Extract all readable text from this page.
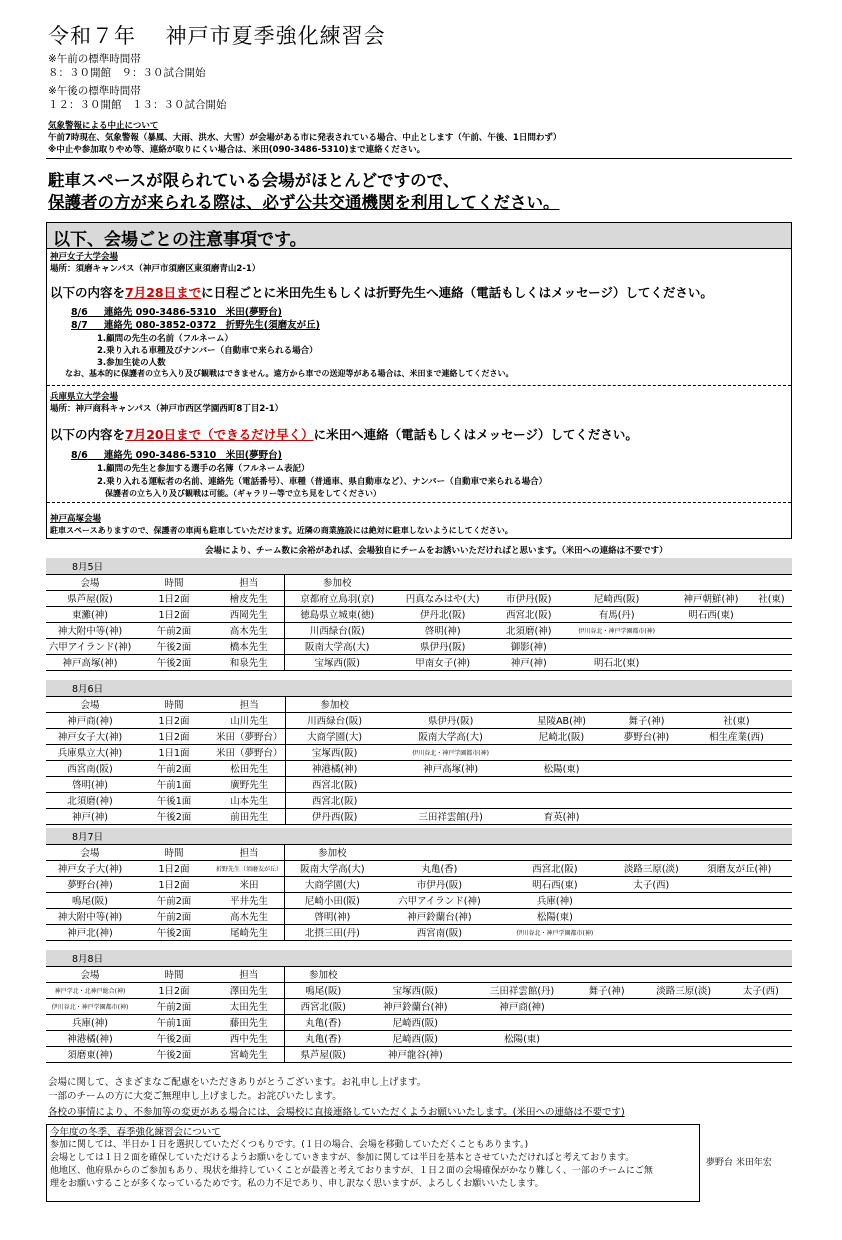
令和７年　 神戸市夏季強化練習会
※午前の標準時間帯
８：３０開館　９：３０試合開始
※午後の標準時間帯
１２：３０開館　１３：３０試合開始
気象警報による中止について
午前7時現在、気象警報（暴風、大雨、洪水、大雪）が会場がある市に発表されている場合、中止とします（午前、午後、1日問わず）
※中止や参加取りやめ等、連絡が取りにくい場合は、米田(090-3486-5310)まで連絡ください。
駐車スペースが限られている会場がほとんどですので、
保護者の方が来られる際は、必ず公共交通機関を利用してください。
以下、会場ごとの注意事項です。
神戸女子大学会場
場所：須磨キャンパス（神戸市須磨区東須磨青山2-1）
以下の内容を7月28日までに日程ごとに米田先生もしくは折野先生へ連絡（電話もしくはメッセージ）してください。
8/6　 連絡先 090-3486-5310　米田(夢野台)
8/7　 連絡先 080-3852-0372　折野先生(須磨友が丘)
1.顧問の先生の名前（フルネーム）
2.乗り入れる車種及びナンバー（自動車で来られる場合）
3.参加生徒の人数
なお、基本的に保護者の立ち入り及び観戦はできません。遠方から車での送迎等がある場合は、米田まで連絡してください。
兵庫県立大学会場
場所：神戸商科キャンパス（神戸市西区学園西町8丁目2-1）
以下の内容を7月20日まで（できるだけ早く）に米田へ連絡（電話もしくはメッセージ）してください。
8/6　 連絡先 090-3486-5310　米田(夢野台)
1.顧問の先生と参加する選手の名簿（フルネーム表記）
2.乗り入れる運転者の名前、連絡先（電話番号）、車種（普通車、県自動車など）、ナンバー（自動車で来られる場合）
　保護者の立ち入り及び観戦は可能。（ギャラリー等で立ち見をしてください）
神戸高塚会場
駐車スペースありますので、保護者の車両も駐車していただけます。近隣の商業施設には絶対に駐車しないようにしてください。
会場により、チーム数に余裕があれば、会場独自にチームをお誘いいただければと思います。（米田への連絡は不要です）
8月5日								
会場	時間	担当	参加校					
県芦屋(阪)	1日2面	檜皮先生	京都府立鳥羽(京)	円真なみはや(大)	市伊丹(阪)	尼崎西(阪)	神戸朝鮮(神)	社(東)
東灘(神)	1日2面	西岡先生	徳島県立城東(徳)	伊丹北(阪)	西宮北(阪)	有馬(丹)	明石西(東)	
神大附中等(神)	午前2面	高木先生	川西緑台(阪)	啓明(神)	北須磨(神)	伊川谷北・神戸学園都市(神)		
六甲アイランド(神)	午後2面	橋本先生	阪南大学高(大)	県伊丹(阪)	御影(神)			
神戸高塚(神)	午後2面	和泉先生	宝塚西(阪)	甲南女子(神)	神戸(神)	明石北(東)		
8月6日								
会場	時間	担当	参加校					
神戸商(神)	1日2面	山川先生	川西緑台(阪)	県伊丹(阪)	星陵AB(神)	舞子(神)	社(東)	
神戸女子大(神)	1日2面	米田（夢野台）	大商学園(大)	阪南大学高(大)	尼崎北(阪)	夢野台(神)	相生産業(西)	
兵庫県立大(神)	1日1面	米田（夢野台）	宝塚西(阪)	伊川谷北・神戸学園都市(神)				
西宮南(阪)	午前2面	松田先生	神港橘(神)	神戸高塚(神)	松陽(東)			
啓明(神)	午前1面	廣野先生	西宮北(阪)					
北須磨(神)	午後1面	山本先生	西宮北(阪)					
神戸(神)	午後2面	前田先生	伊丹西(阪)	三田祥雲館(丹)	育英(神)			
8月7日								
会場	時間	担当	参加校					
神戸女子大(神)	1日2面	折野先生（須磨友が丘）	阪南大学高(大)	丸亀(香)	西宮北(阪)	淡路三原(淡)	須磨友が丘(神)	
夢野台(神)	1日2面	米田	大商学園(大)	市伊丹(阪)	明石西(東)	太子(西)		
鳴尾(阪)	午前2面	平井先生	尼崎小田(阪)	六甲アイランド(神)	兵庫(神)			
神大附中等(神)	午前2面	高木先生	啓明(神)	神戸鈴蘭台(神)	松陽(東)			
神戸北(神)	午後2面	尾崎先生	北摂三田(丹)	西宮南(阪)	伊川谷北・神戸学園都市(神)			
8月8日								
会場	時間	担当	参加校					
神戸学北・北神戸総合(神)	1日2面	澤田先生	鳴尾(阪)	宝塚西(阪)	三田祥雲館(丹)	舞子(神)	淡路三原(淡)	太子(西)
伊川谷北・神戸学園都市(神)	午前2面	太田先生	西宮北(阪)	神戸鈴蘭台(神)	神戸商(神)			
兵庫(神)	午前1面	藤田先生	丸亀(香)	尼崎西(阪)				
神港橘(神)	午後2面	西中先生	丸亀(香)	尼崎西(阪)	松陽(東)			
須磨東(神)	午後2面	宮崎先生	県芦屋(阪)	神戸龍谷(神)				
会場に関して、さまざまなご配慮をいただきありがとうございます。お礼申し上げます。
一部のチームの方に大変ご無理申し上げました。お詫びいたします。
各校の事情により、不参加等の変更がある場合には、会場校に直接連絡していただくようお願いいたします。(米田への連絡は不要です)
今年度の冬季、春季強化練習会について
参加に関しては、半日か１日を選択していただくつもりです。(１日の場合、会場を移動していただくこともあります。)
会場としては１日２面を確保していただけるようお願いをしていきますが、参加に関しては半日を基本とさせていただければと考えております。
他地区、他府県からのご参加もあり、現状を維持していくことが最善と考えておりますが、１日２面の会場確保がかなり難しく、一部のチームにご無
理をお願いすることが多くなっているためです。私の力不足であり、申し訳なく思いますが、よろしくお願いいたします。
夢野台 米田年宏
